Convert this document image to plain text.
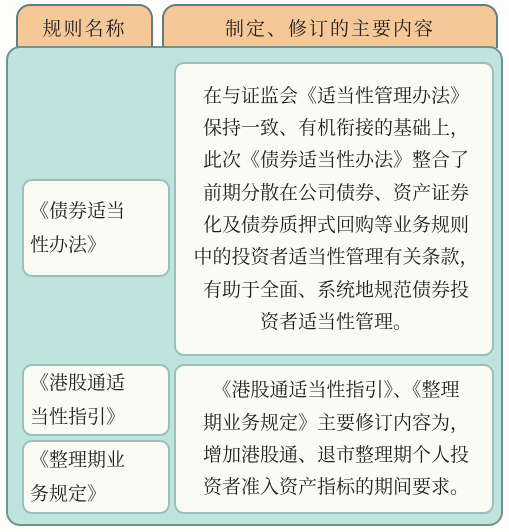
规则名称	制定、修订的主要内容

《债券适当

性办法》

在与证监会《适当性管理办法》

保持一致、有机衔接的基础上，

此次《债券适当性办法》整合了

前期分散在公司债券、资产证券

化及债券质押式回购等业务规则

中的投资者适当性管理有关条款，

有助于全面、系统地规范债券投

资者适当性管理。

《港股通适

当性指引》

《整理期业

务规定》

《港股通适当性指引》、《整理

期业务规定》主要修订内容为，

增加港股通、退市整理期个人投

资者准入资产指标的期间要求。
